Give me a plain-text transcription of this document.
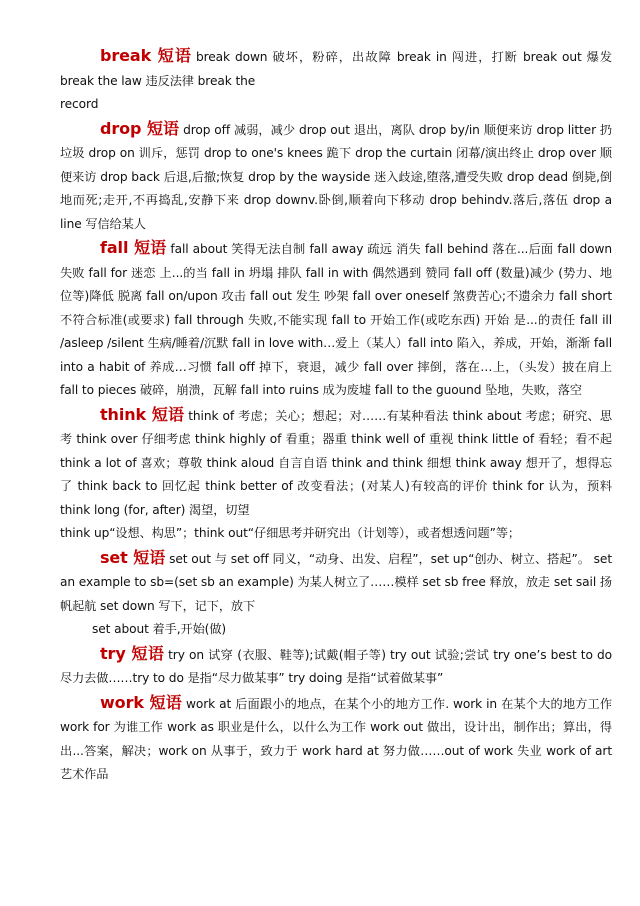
break 短语 break down 破坏，粉碎，出故障 break in 闯进，打断 break out 爆发 break the law 违反法律 break the

record

drop 短语 drop off 减弱，减少 drop out 退出，离队 drop by/in 顺便来访 drop litter 扔垃圾 drop on 训斥，惩罚 drop to one's knees 跪下 drop the curtain 闭幕/演出终止 drop over 顺便来访 drop back 后退,后撤;恢复 drop by the wayside 迷入歧途,堕落,遭受失败 drop dead 倒毙,倒地而死;走开,不再捣乱,安静下来 drop downv.卧倒,顺着向下移动 drop behindv.落后,落伍 drop a line 写信给某人

fall 短语 fall about 笑得无法自制 fall away 疏远 消失 fall behind 落在...后面 fall down 失败 fall for 迷恋 上...的当 fall in 坍塌 排队 fall in with 偶然遇到 赞同 fall off (数量)减少 (势力、地位等)降低 脱离 fall on/upon 攻击 fall out 发生 吵架 fall over oneself 煞费苦心;不遗余力 fall short 不符合标准(或要求) fall through 失败,不能实现 fall to 开始工作(或吃东西) 开始 是...的责任 fall ill /asleep /silent 生病/睡着/沉默 fall in love with…爱上（某人）fall into 陷入，养成，开始，渐渐 fall into a habit of 养成…习惯 fall off 掉下，衰退，减少 fall over 摔倒，落在…上，（头发）披在肩上 fall to pieces 破碎，崩溃，瓦解 fall into ruins 成为废墟 fall to the guound 坠地，失败，落空

think 短语 think of 考虑；关心；想起；对……有某种看法 think about 考虑；研究、思考 think over 仔细考虑 think highly of 看重；器重 think well of 重视 think little of 看轻；看不起 think a lot of 喜欢；尊敬 think aloud 自言自语 think and think 细想 think away 想开了，想得忘了 think back to 回忆起 think better of 改变看法；(对某人)有较高的评价 think for 认为，预料 think long (for, after) 渴望，切望

think up“设想、构思”；think out“仔细思考并研究出（计划等），或者想透问题”等；

set 短语 set out 与 set off 同义，“动身、出发、启程”，set up“创办、树立、搭起”。 set an example to sb=(set sb an example) 为某人树立了……模样 set sb free 释放，放走 set sail 扬帆起航 set down 写下，记下，放下

set about 着手,开始(做)

try 短语 try on 试穿 (衣服、鞋等);试戴(帽子等) try out 试验;尝试 try one’s best to do 尽力去做……try to do 是指“尽力做某事” try doing 是指“试着做某事”

work 短语 work at 后面跟小的地点，在某个小的地方工作. work in 在某个大的地方工作 work for 为谁工作 work as 职业是什么，以什么为工作 work out 做出，设计出，制作出；算出，得出...答案，解决；work on 从事于，致力于 work hard at 努力做……out of work 失业 work of art 艺术作品
